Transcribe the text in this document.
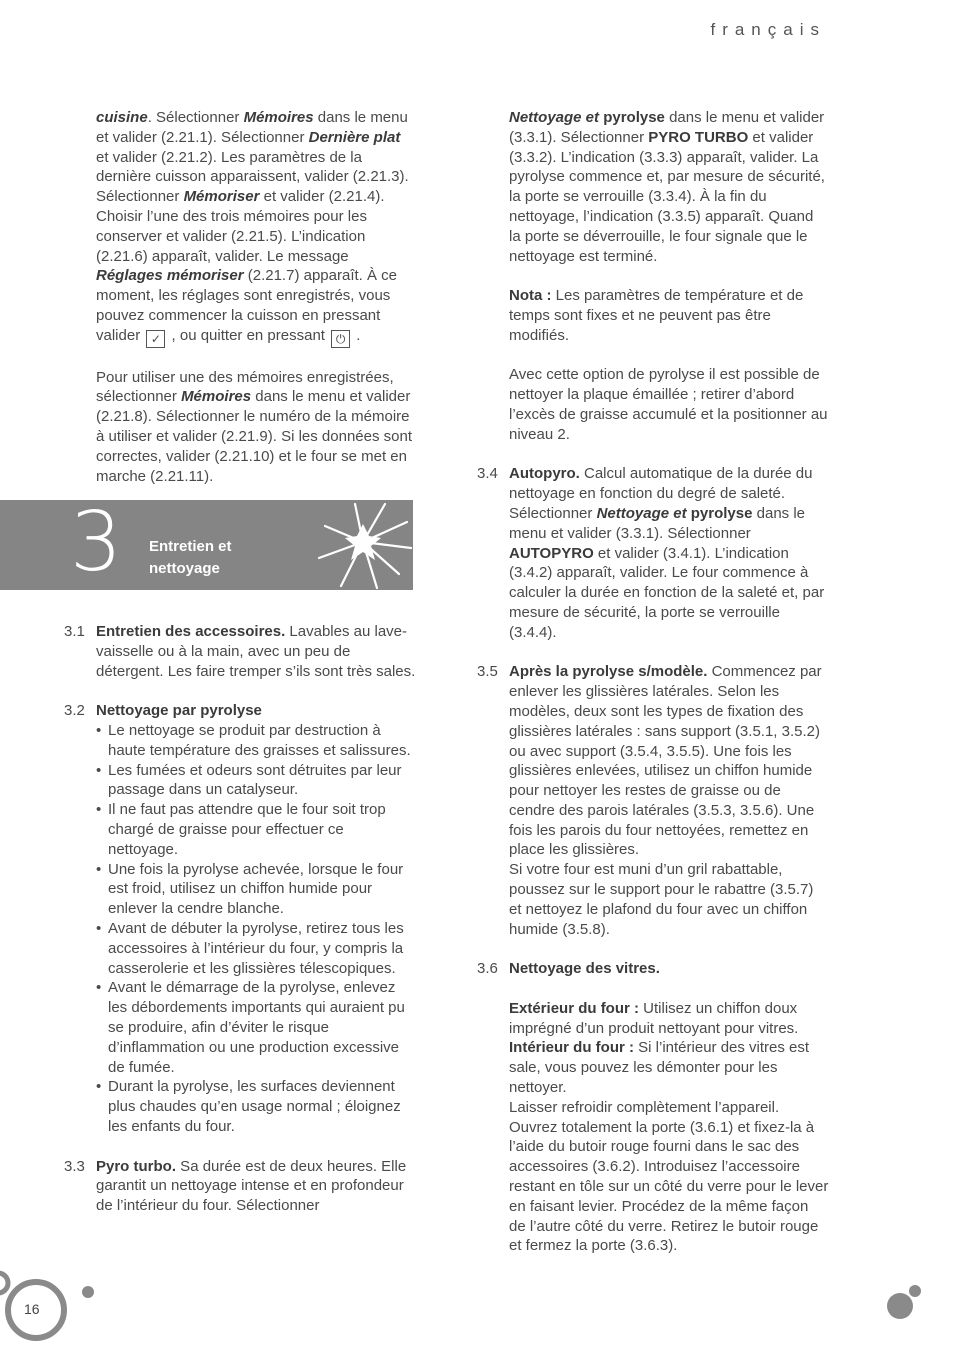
français

cuisine. Sélectionner Mémoires dans le menu et valider (2.21.1). Sélectionner Dernière plat et valider (2.21.2). Les paramètres de la dernière cuisson apparaissent, valider (2.21.3). Sélectionner Mémoriser et valider (2.21.4). Choisir l’une des trois mémoires pour les conserver et valider (2.21.5). L’indication (2.21.6) apparaît, valider. Le message Réglages mémoriser (2.21.7) apparaît. À ce moment, les réglages sont enregistrés, vous pouvez commencer la cuisson en pressant valider ✓ , ou quitter en pressant ⏻ .

Pour utiliser une des mémoires enregistrées, sélectionner Mémoires dans le menu et valider (2.21.8). Sélectionner le numéro de la mémoire à utiliser et valider (2.21.9). Si les données sont correctes, valider (2.21.10) et le four se met en marche (2.21.11).

3 Entretien et
nettoyage
3.1 Entretien des accessoires. Lavables au lave-vaisselle ou à la main, avec un peu de détergent. Les faire tremper s’ils sont très sales.
3.2 Nettoyage par pyrolyse
• Le nettoyage se produit par destruction à haute température des graisses et salissures.
• Les fumées et odeurs sont détruites par leur passage dans un catalyseur.
• Il ne faut pas attendre que le four soit trop chargé de graisse pour effectuer ce nettoyage.
• Une fois la pyrolyse achevée, lorsque le four est froid, utilisez un chiffon humide pour enlever la cendre blanche.
• Avant de débuter la pyrolyse, retirez tous les accessoires à l’intérieur du four, y compris la casserolerie et les glissières télescopiques.
• Avant le démarrage de la pyrolyse, enlevez les débordements importants qui auraient pu se produire, afin d’éviter le risque d’inflammation ou une production excessive de fumée.
• Durant la pyrolyse, les surfaces deviennent plus chaudes qu’en usage normal ; éloignez les enfants du four.
3.3 Pyro turbo. Sa durée est de deux heures. Elle garantit un nettoyage intense et en profondeur de l’intérieur du four. Sélectionner

Nettoyage et pyrolyse dans le menu et valider (3.3.1). Sélectionner PYRO TURBO et valider (3.3.2). L’indication (3.3.3) apparaît, valider. La pyrolyse commence et, par mesure de sécurité, la porte se verrouille (3.3.4). À la fin du nettoyage, l’indication (3.3.5) apparaît. Quand la porte se déverrouille, le four signale que le nettoyage est terminé.

Nota : Les paramètres de température et de temps sont fixes et ne peuvent pas être modifiés.

Avec cette option de pyrolyse il est possible de nettoyer la plaque émaillée ; retirer d’abord l’excès de graisse accumulé et la positionner au niveau 2.

3.4 Autopyro. Calcul automatique de la durée du nettoyage en fonction du degré de saleté. Sélectionner Nettoyage et pyrolyse dans le menu et valider (3.3.1). Sélectionner AUTOPYRO et valider (3.4.1). L’indication (3.4.2) apparaît, valider. Le four commence à calculer la durée en fonction de la saleté et, par mesure de sécurité, la porte se verrouille (3.4.4).
3.5 Après la pyrolyse s/modèle. Commencez par enlever les glissières latérales. Selon les modèles, deux sont les types de fixation des glissières latérales : sans support (3.5.1, 3.5.2) ou avec support (3.5.4, 3.5.5). Une fois les glissières enlevées, utilisez un chiffon humide pour nettoyer les restes de graisse ou de cendre des parois latérales (3.5.3, 3.5.6). Une fois les parois du four nettoyées, remettez en place les glissières.
Si votre four est muni d’un gril rabattable, poussez sur le support pour le rabattre (3.5.7) et nettoyez le plafond du four avec un chiffon humide (3.5.8).
3.6 Nettoyage des vitres.
Extérieur du four : Utilisez un chiffon doux imprégné d’un produit nettoyant pour vitres.
Intérieur du four : Si l’intérieur des vitres est sale, vous pouvez les démonter pour les nettoyer.
Laisser refroidir complètement l’appareil. Ouvrez totalement la porte (3.6.1) et fixez-la à l’aide du butoir rouge fourni dans le sac des accessoires (3.6.2). Introduisez l’accessoire restant en tôle sur un côté du verre pour le lever en faisant levier. Procédez de la même façon de l’autre côté du verre. Retirez le butoir rouge et fermez la porte (3.6.3).
16
